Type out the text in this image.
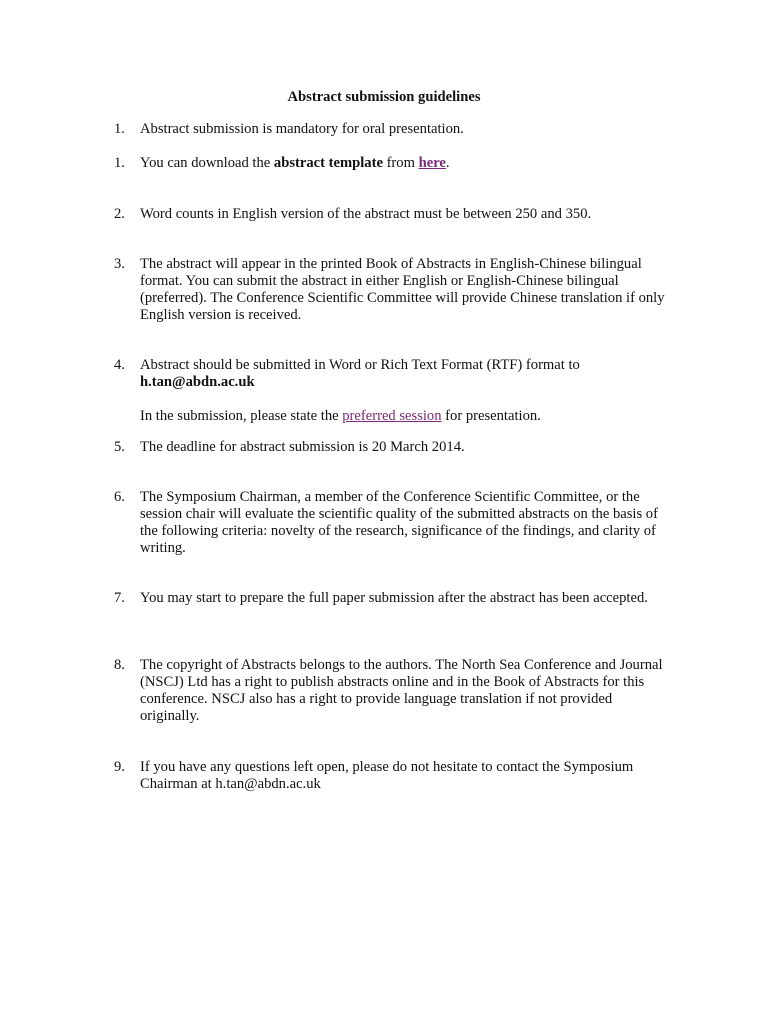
Abstract submission guidelines
1. Abstract submission is mandatory for oral presentation.
1. You can download the abstract template from here.
2. Word counts in English version of the abstract must be between 250 and 350.
3. The abstract will appear in the printed Book of Abstracts in English-Chinese bilingual format. You can submit the abstract in either English or English-Chinese bilingual (preferred). The Conference Scientific Committee will provide Chinese translation if only English version is received.
4. Abstract should be submitted in Word or Rich Text Format (RTF) format to
h.tan@abdn.ac.uk
In the submission, please state the preferred session for presentation.
5. The deadline for abstract submission is 20 March 2014.
6. The Symposium Chairman, a member of the Conference Scientific Committee, or the session chair will evaluate the scientific quality of the submitted abstracts on the basis of the following criteria: novelty of the research, significance of the findings, and clarity of writing.
7. You may start to prepare the full paper submission after the abstract has been accepted.
8. The copyright of Abstracts belongs to the authors. The North Sea Conference and Journal (NSCJ) Ltd has a right to publish abstracts online and in the Book of Abstracts for this conference. NSCJ also has a right to provide language translation if not provided originally.
9. If you have any questions left open, please do not hesitate to contact the Symposium Chairman at h.tan@abdn.ac.uk
